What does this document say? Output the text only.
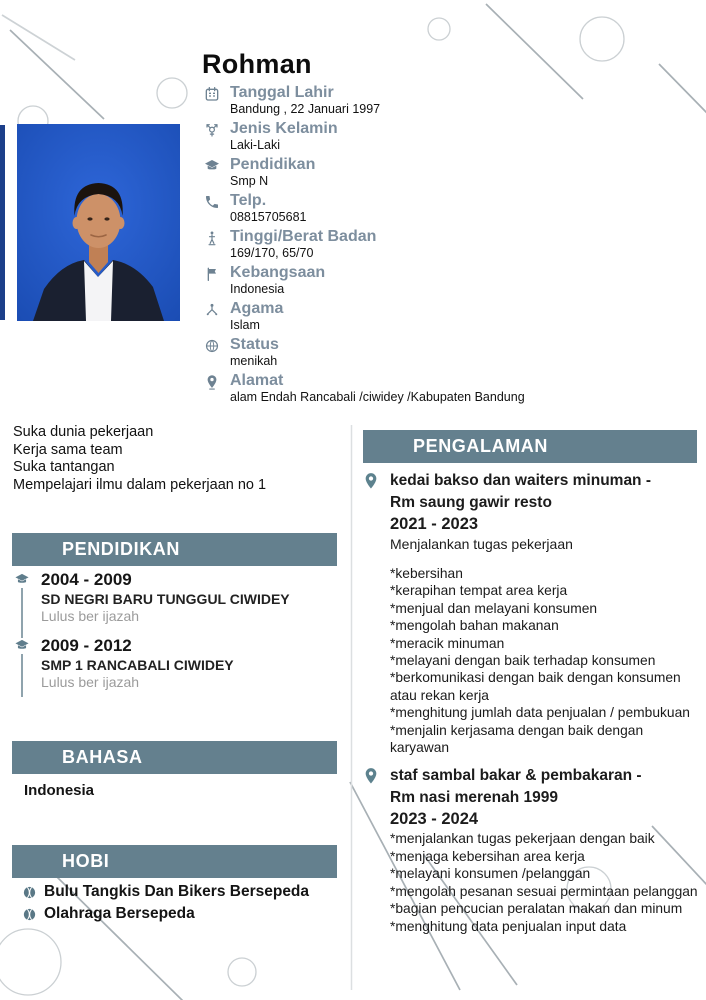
Rohman
Tanggal Lahir
Bandung , 22 Januari 1997
Jenis Kelamin
Laki-Laki
Pendidikan
Smp N
Telp.
08815705681
Tinggi/Berat Badan
169/170, 65/70
Kebangsaan
Indonesia
Agama
Islam
Status
menikah
Alamat
alam Endah Rancabali /ciwidey /Kabupaten Bandung
Suka dunia pekerjaan
Kerja sama team
Suka tantangan
Mempelajari ilmu dalam pekerjaan no 1
PENDIDIKAN
2004 - 2009
SD NEGRI BARU TUNGGUL CIWIDEY
Lulus ber ijazah
2009 - 2012
SMP 1 RANCABALI CIWIDEY
Lulus ber ijazah
BAHASA
Indonesia
HOBI
Bulu Tangkis Dan Bikers Bersepeda
Olahraga Bersepeda
PENGALAMAN
kedai bakso dan waiters minuman -
Rm saung gawir resto
2021 - 2023
Menjalankan tugas pekerjaan
*kebersihan
*kerapihan tempat area kerja
*menjual dan melayani konsumen
*mengolah bahan makanan
*meracik minuman
*melayani dengan baik terhadap konsumen
*berkomunikasi dengan baik dengan konsumen atau rekan kerja
*menghitung jumlah data penjualan / pembukuan
*menjalin kerjasama dengan baik dengan karyawan
staf sambal bakar & pembakaran -
Rm nasi merenah 1999
2023 - 2024
*menjalankan tugas pekerjaan dengan baik
*menjaga kebersihan area kerja
*melayani konsumen /pelanggan
*mengolah pesanan sesuai permintaan pelanggan
*bagian pencucian peralatan makan dan minum
*menghitung data penjualan input data
